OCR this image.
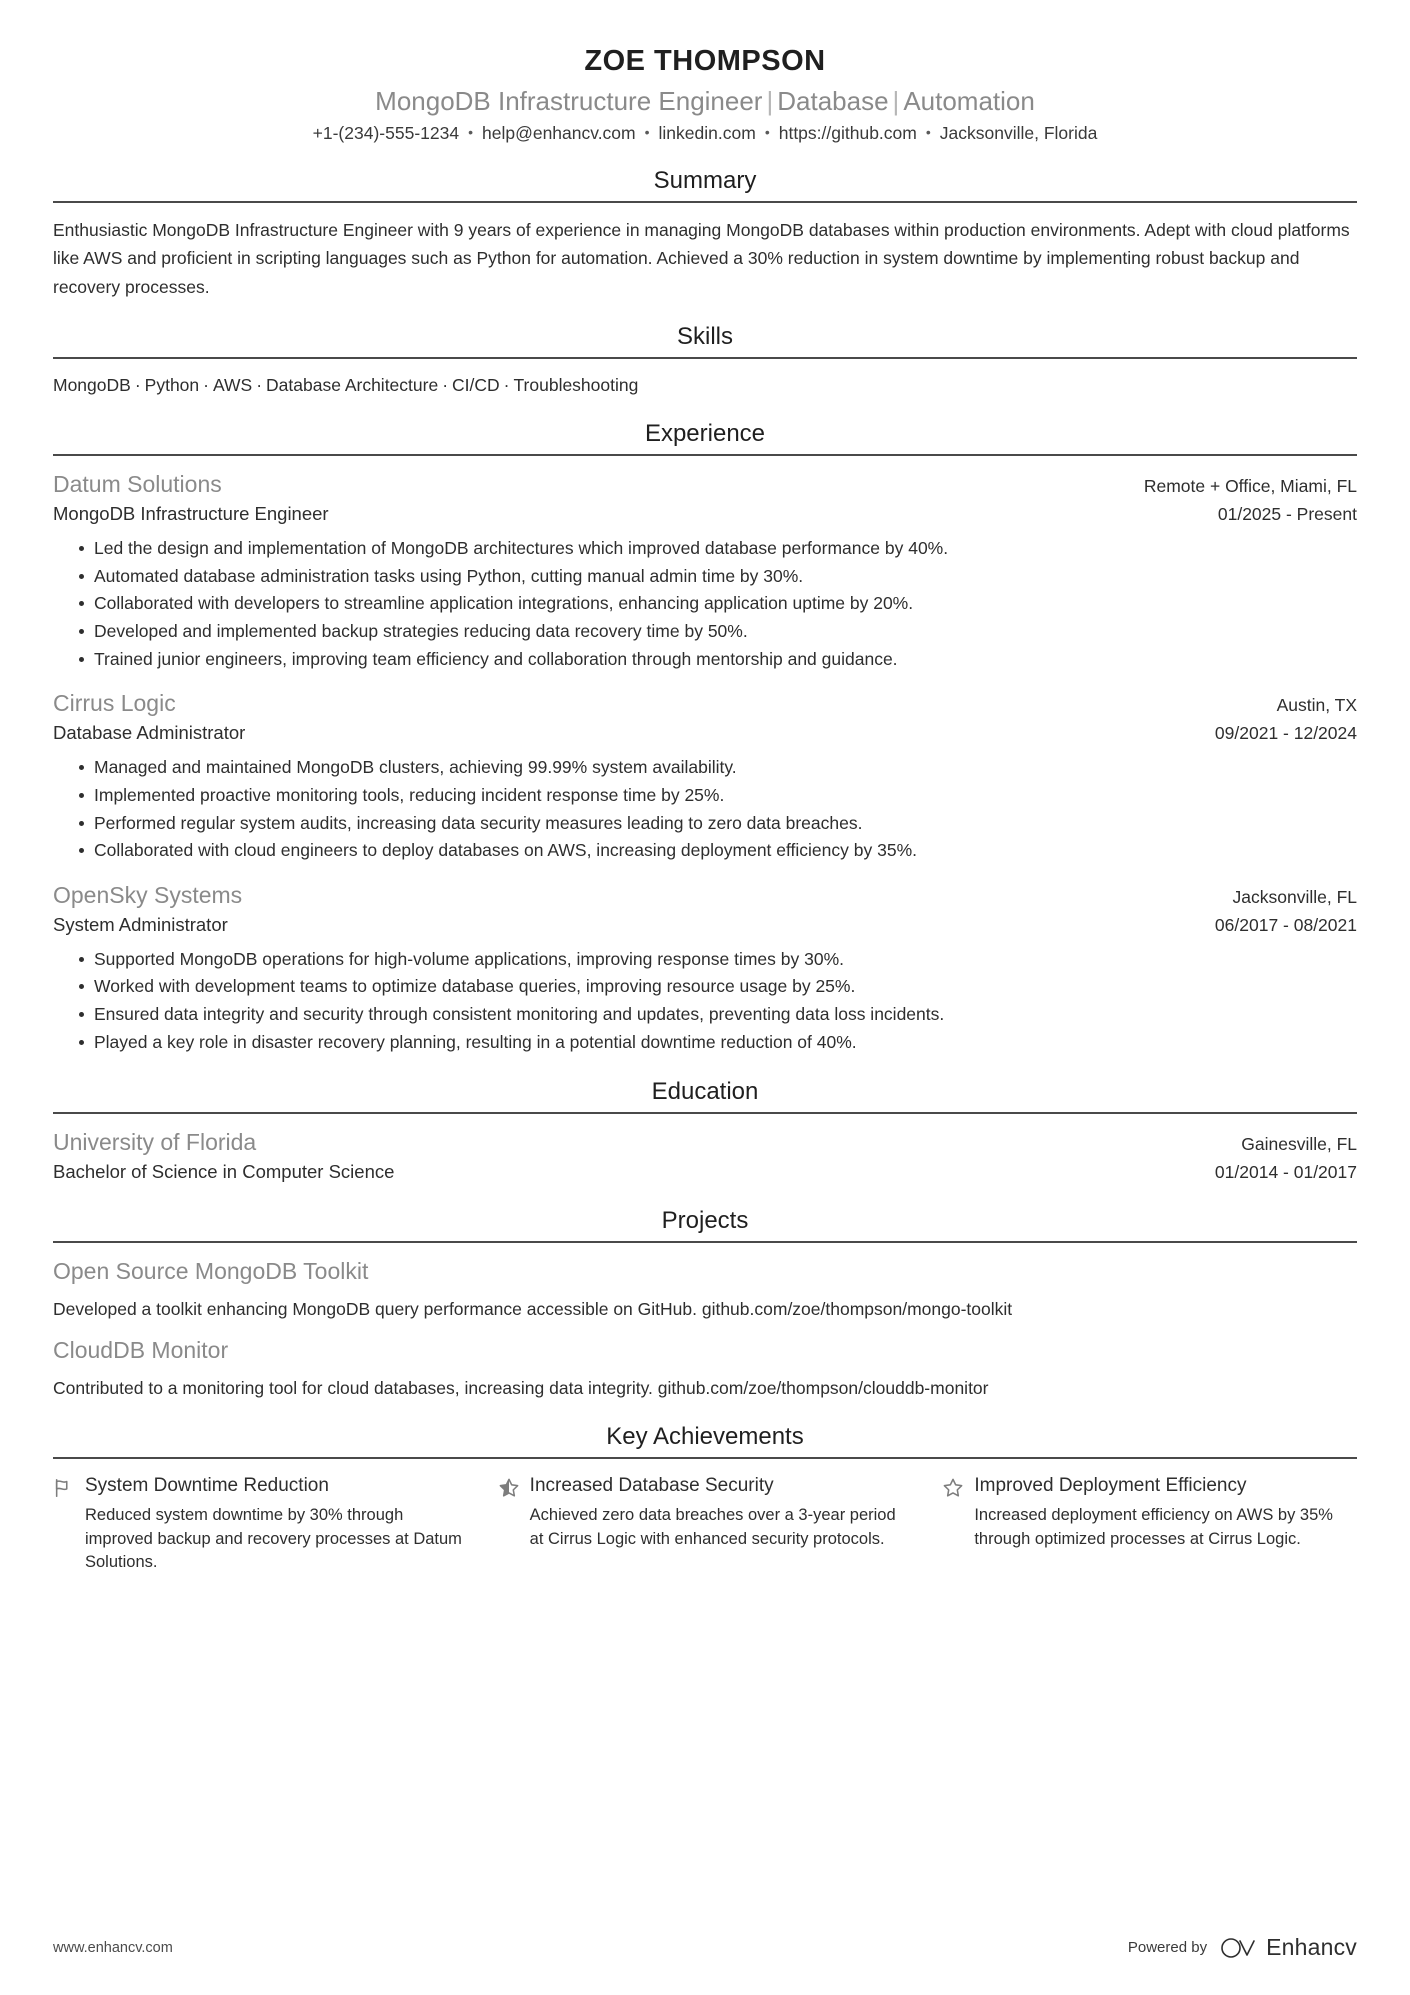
ZOE THOMPSON
MongoDB Infrastructure Engineer | Database | Automation
+1-(234)-555-1234 • help@enhancv.com • linkedin.com • https://github.com • Jacksonville, Florida
Summary
Enthusiastic MongoDB Infrastructure Engineer with 9 years of experience in managing MongoDB databases within production environments. Adept with cloud platforms like AWS and proficient in scripting languages such as Python for automation. Achieved a 30% reduction in system downtime by implementing robust backup and recovery processes.
Skills
MongoDB · Python · AWS · Database Architecture · CI/CD · Troubleshooting
Experience
Datum Solutions	Remote + Office, Miami, FL
MongoDB Infrastructure Engineer	01/2025 - Present
Led the design and implementation of MongoDB architectures which improved database performance by 40%.
Automated database administration tasks using Python, cutting manual admin time by 30%.
Collaborated with developers to streamline application integrations, enhancing application uptime by 20%.
Developed and implemented backup strategies reducing data recovery time by 50%.
Trained junior engineers, improving team efficiency and collaboration through mentorship and guidance.
Cirrus Logic	Austin, TX
Database Administrator	09/2021 - 12/2024
Managed and maintained MongoDB clusters, achieving 99.99% system availability.
Implemented proactive monitoring tools, reducing incident response time by 25%.
Performed regular system audits, increasing data security measures leading to zero data breaches.
Collaborated with cloud engineers to deploy databases on AWS, increasing deployment efficiency by 35%.
OpenSky Systems	Jacksonville, FL
System Administrator	06/2017 - 08/2021
Supported MongoDB operations for high-volume applications, improving response times by 30%.
Worked with development teams to optimize database queries, improving resource usage by 25%.
Ensured data integrity and security through consistent monitoring and updates, preventing data loss incidents.
Played a key role in disaster recovery planning, resulting in a potential downtime reduction of 40%.
Education
University of Florida	Gainesville, FL
Bachelor of Science in Computer Science	01/2014 - 01/2017
Projects
Open Source MongoDB Toolkit
Developed a toolkit enhancing MongoDB query performance accessible on GitHub. github.com/zoe/thompson/mongo-toolkit
CloudDB Monitor
Contributed to a monitoring tool for cloud databases, increasing data integrity. github.com/zoe/thompson/clouddb-monitor
Key Achievements
System Downtime Reduction
Reduced system downtime by 30% through improved backup and recovery processes at Datum Solutions.
Increased Database Security
Achieved zero data breaches over a 3-year period at Cirrus Logic with enhanced security protocols.
Improved Deployment Efficiency
Increased deployment efficiency on AWS by 35% through optimized processes at Cirrus Logic.
www.enhancv.com	Powered by	Enhancv
